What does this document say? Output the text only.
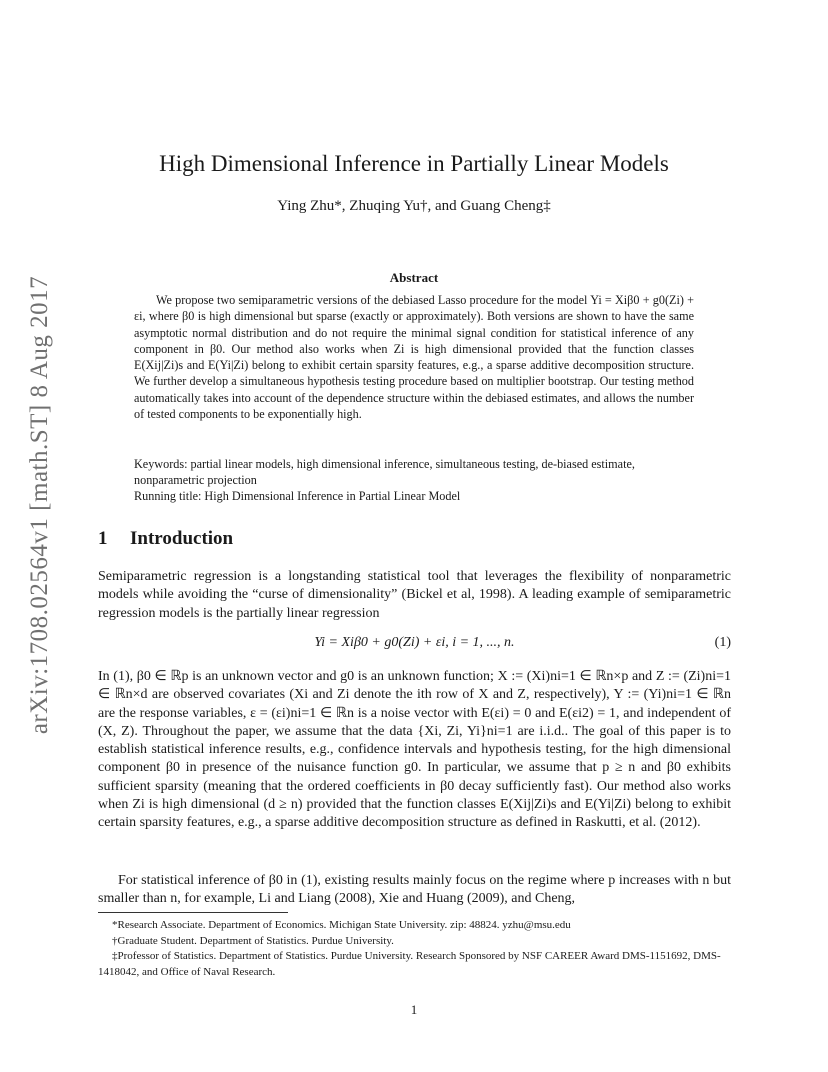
arXiv:1708.02564v1 [math.ST] 8 Aug 2017
High Dimensional Inference in Partially Linear Models
Ying Zhu*, Zhuqing Yu†, and Guang Cheng‡
Abstract
We propose two semiparametric versions of the debiased Lasso procedure for the model Yi = Xiβ0 + g0(Zi) + εi, where β0 is high dimensional but sparse (exactly or approximately). Both versions are shown to have the same asymptotic normal distribution and do not require the minimal signal condition for statistical inference of any component in β0. Our method also works when Zi is high dimensional provided that the function classes E(Xij|Zi)s and E(Yi|Zi) belong to exhibit certain sparsity features, e.g., a sparse additive decomposition structure. We further develop a simultaneous hypothesis testing procedure based on multiplier bootstrap. Our testing method automatically takes into account of the dependence structure within the debiased estimates, and allows the number of tested components to be exponentially high.
Keywords: partial linear models, high dimensional inference, simultaneous testing, de-biased estimate, nonparametric projection
Running title: High Dimensional Inference in Partial Linear Model
1 Introduction
Semiparametric regression is a longstanding statistical tool that leverages the flexibility of nonparametric models while avoiding the “curse of dimensionality” (Bickel et al, 1998). A leading example of semiparametric regression models is the partially linear regression
Yi = Xiβ0 + g0(Zi) + εi, i = 1, ..., n.	(1)
In (1), β0 ∈ ℝp is an unknown vector and g0 is an unknown function; X := (Xi)ni=1 ∈ ℝn×p and Z := (Zi)ni=1 ∈ ℝn×d are observed covariates (Xi and Zi denote the ith row of X and Z, respectively), Y := (Yi)ni=1 ∈ ℝn are the response variables, ε = (εi)ni=1 ∈ ℝn is a noise vector with E(εi) = 0 and E(εi2) = 1, and independent of (X, Z). Throughout the paper, we assume that the data {Xi, Zi, Yi}ni=1 are i.i.d.. The goal of this paper is to establish statistical inference results, e.g., confidence intervals and hypothesis testing, for the high dimensional component β0 in presence of the nuisance function g0. In particular, we assume that p ≥ n and β0 exhibits sufficient sparsity (meaning that the ordered coefficients in β0 decay sufficiently fast). Our method also works when Zi is high dimensional (d ≥ n) provided that the function classes E(Xij|Zi)s and E(Yi|Zi) belong to exhibit certain sparsity features, e.g., a sparse additive decomposition structure as defined in Raskutti, et al. (2012).
For statistical inference of β0 in (1), existing results mainly focus on the regime where p increases with n but smaller than n, for example, Li and Liang (2008), Xie and Huang (2009), and Cheng,
*Research Associate. Department of Economics. Michigan State University. zip: 48824. yzhu@msu.edu
†Graduate Student. Department of Statistics. Purdue University.
‡Professor of Statistics. Department of Statistics. Purdue University. Research Sponsored by NSF CAREER Award DMS-1151692, DMS-1418042, and Office of Naval Research.
1
